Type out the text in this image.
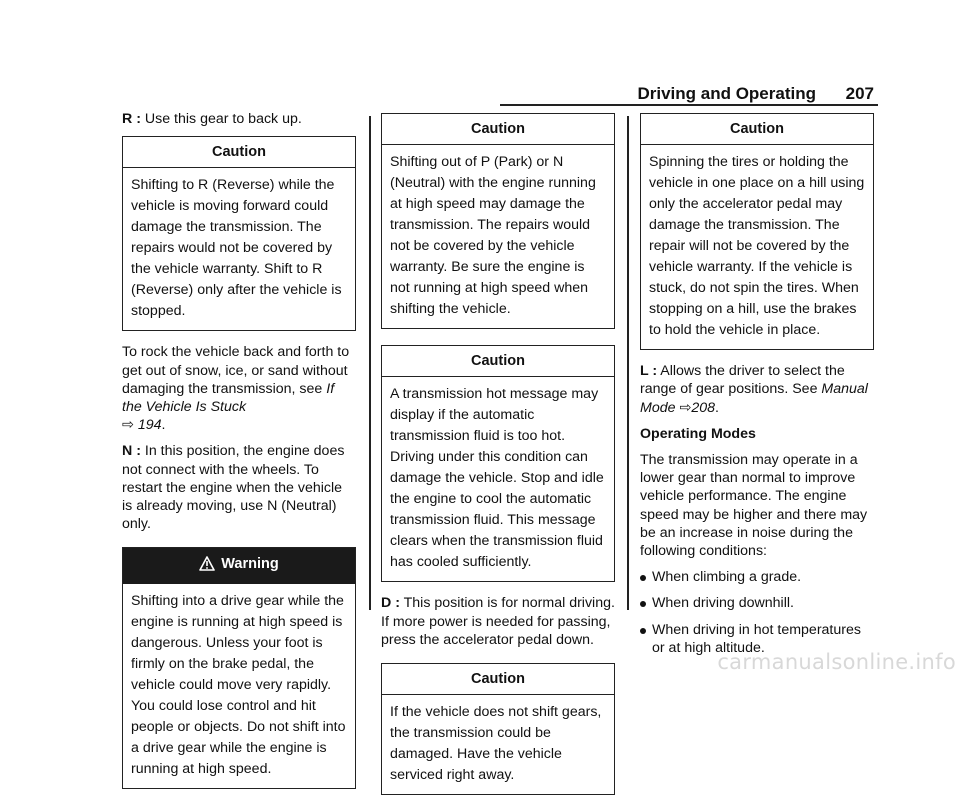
Driving and Operating 207

R : Use this gear to back up.

Caution
Shifting to R (Reverse) while the vehicle is moving forward could damage the transmission. The repairs would not be covered by the vehicle warranty. Shift to R (Reverse) only after the vehicle is stopped.

To rock the vehicle back and forth to get out of snow, ice, or sand without damaging the transmission, see If the Vehicle Is Stuck
⇨ 194.

N : In this position, the engine does not connect with the wheels. To restart the engine when the vehicle is already moving, use N (Neutral) only.

Warning
Shifting into a drive gear while the engine is running at high speed is dangerous. Unless your foot is firmly on the brake pedal, the vehicle could move very rapidly. You could lose control and hit people or objects. Do not shift into a drive gear while the engine is running at high speed.
Caution
Shifting out of P (Park) or N (Neutral) with the engine running at high speed may damage the transmission. The repairs would not be covered by the vehicle warranty. Be sure the engine is not running at high speed when shifting the vehicle.
Caution
A transmission hot message may display if the automatic transmission fluid is too hot. Driving under this condition can damage the vehicle. Stop and idle the engine to cool the automatic transmission fluid. This message clears when the transmission fluid has cooled sufficiently.

D : This position is for normal driving.
If more power is needed for passing, press the accelerator pedal down.

Caution
If the vehicle does not shift gears, the transmission could be damaged. Have the vehicle serviced right away.
Caution
Spinning the tires or holding the vehicle in one place on a hill using only the accelerator pedal may damage the transmission. The repair will not be covered by the vehicle warranty. If the vehicle is stuck, do not spin the tires. When stopping on a hill, use the brakes to hold the vehicle in place.

L : Allows the driver to select the range of gear positions. See Manual Mode ⇨208.

Operating Modes

The transmission may operate in a lower gear than normal to improve vehicle performance. The engine speed may be higher and there may be an increase in noise during the following conditions:

When climbing a grade.
When driving downhill.
When driving in hot temperatures or at high altitude.
carmanualsonline.info
